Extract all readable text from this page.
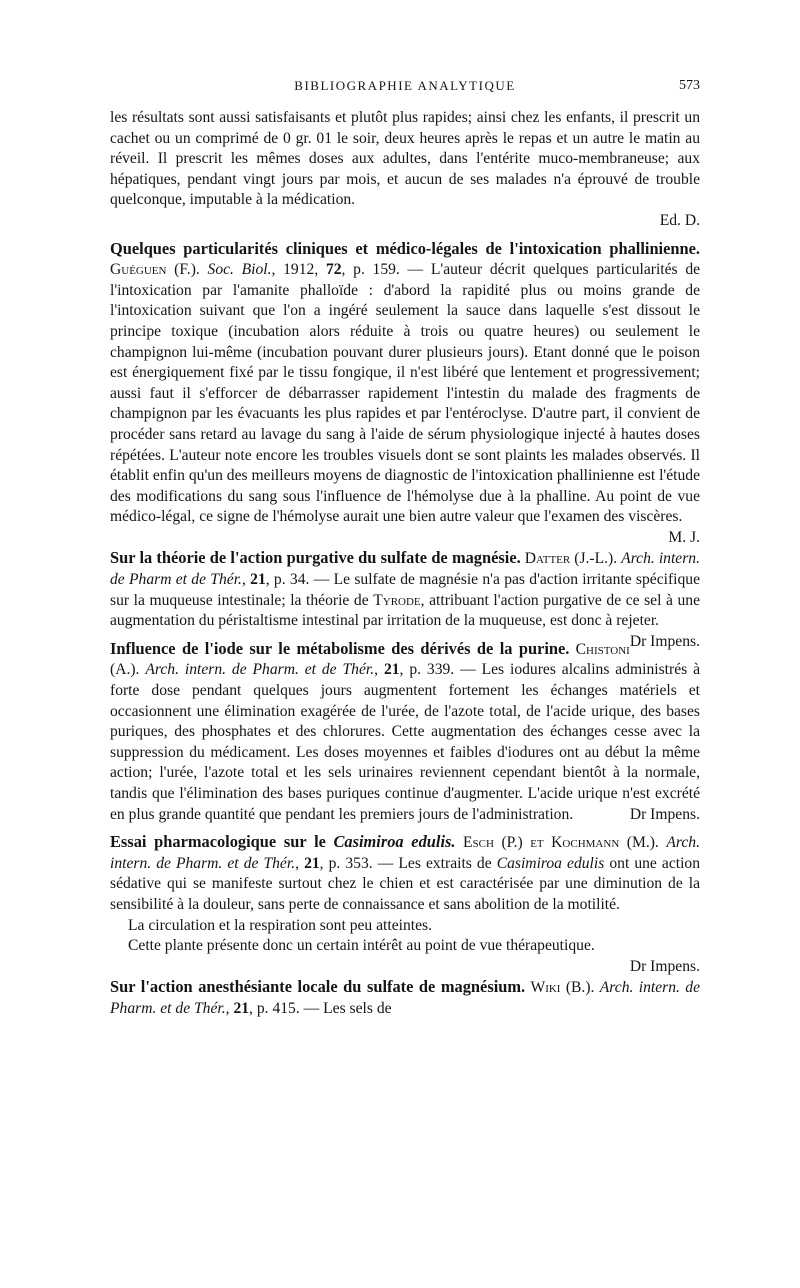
BIBLIOGRAPHIE ANALYTIQUE	573

les résultats sont aussi satisfaisants et plutôt plus rapides; ainsi chez les enfants, il prescrit un cachet ou un comprimé de 0 gr. 01 le soir, deux heures après le repas et un autre le matin au réveil. Il prescrit les mêmes doses aux adultes, dans l'entérite muco-membraneuse; aux hépatiques, pendant vingt jours par mois, et aucun de ses malades n'a éprouvé de trouble quelconque, imputable à la médication.

Ed. D.

Quelques particularités cliniques et médico-légales de l'intoxication phallinienne. Guéguen (F.). Soc. Biol., 1912, 72, p. 159. — L'auteur décrit quelques particularités de l'intoxication par l'amanite phalloïde : d'abord la rapidité plus ou moins grande de l'intoxication suivant que l'on a ingéré seulement la sauce dans laquelle s'est dissout le principe toxique (incubation alors réduite à trois ou quatre heures) ou seulement le champignon lui-même (incubation pouvant durer plusieurs jours). Etant donné que le poison est énergiquement fixé par le tissu fongique, il n'est libéré que lentement et progressivement; aussi faut il s'efforcer de débarrasser rapidement l'intestin du malade des fragments de champignon par les évacuants les plus rapides et par l'entéroclyse. D'autre part, il convient de procéder sans retard au lavage du sang à l'aide de sérum physiologique injecté à hautes doses répétées. L'auteur note encore les troubles visuels dont se sont plaints les malades observés. Il établit enfin qu'un des meilleurs moyens de diagnostic de l'intoxication phallinienne est l'étude des modifications du sang sous l'influence de l'hémolyse due à la phalline. Au point de vue médico-légal, ce signe de l'hémolyse aurait une bien autre valeur que l'examen des viscères.

M. J.

Sur la théorie de l'action purgative du sulfate de magnésie. Datter (J.-L.). Arch. intern. de Pharm et de Thér., 21, p. 34. — Le sulfate de magnésie n'a pas d'action irritante spécifique sur la muqueuse intestinale; la théorie de Tyrode, attribuant l'action purgative de ce sel à une augmentation du péristaltisme intestinal par irritation de la muqueuse, est donc à rejeter.
Dr Impens.

Influence de l'iode sur le métabolisme des dérivés de la purine. Chistoni (A.). Arch. intern. de Pharm. et de Thér., 21, p. 339. — Les iodures alcalins administrés à forte dose pendant quelques jours augmentent fortement les échanges matériels et occasionnent une élimination exagérée de l'urée, de l'azote total, de l'acide urique, des bases puriques, des phosphates et des chlorures. Cette augmentation des échanges cesse avec la suppression du médicament. Les doses moyennes et faibles d'iodures ont au début la même action; l'urée, l'azote total et les sels urinaires reviennent cependant bientôt à la normale, tandis que l'élimination des bases puriques continue d'augmenter. L'acide urique n'est excrété en plus grande quantité que pendant les premiers jours de l'administration.	Dr Impens.

Essai pharmacologique sur le Casimiroa edulis. Esch (P.) et Kochmann (M.). Arch. intern. de Pharm. et de Thér., 21, p. 353. — Les extraits de Casimiroa edulis ont une action sédative qui se manifeste surtout chez le chien et est caractérisée par une diminution de la sensibilité à la douleur, sans perte de connaissance et sans abolition de la motilité.

La circulation et la respiration sont peu atteintes.

Cette plante présente donc un certain intérêt au point de vue thérapeutique.

Dr Impens.

Sur l'action anesthésiante locale du sulfate de magnésium. Wiki (B.). Arch. intern. de Pharm. et de Thér., 21, p. 415. — Les sels de
